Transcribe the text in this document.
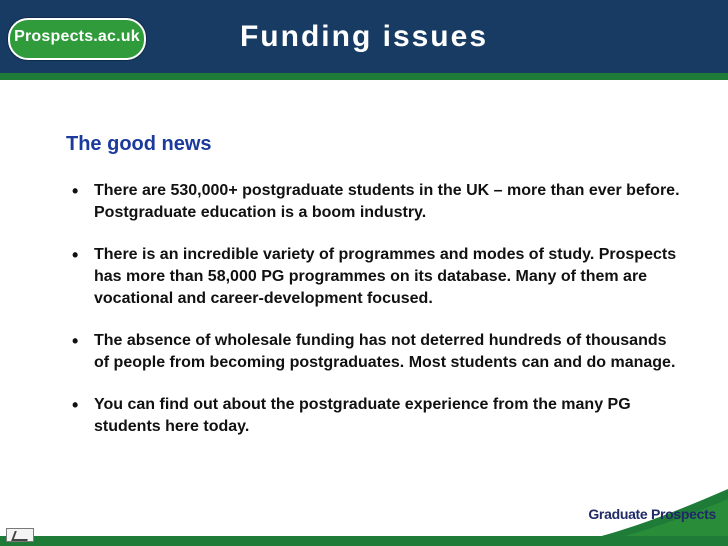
Prospects.ac.uk	Funding issues
The good news
• There are 530,000+ postgraduate students in the UK – more than ever before. Postgraduate education is a boom industry.
• There is an incredible variety of programmes and modes of study. Prospects has more than 58,000 PG programmes on its database. Many of them are vocational and career-development focused.
• The absence of wholesale funding has not deterred hundreds of thousands of people from becoming postgraduates. Most students can and do manage.
• You can find out about the postgraduate experience from the many PG students here today.
Graduate Prospects
